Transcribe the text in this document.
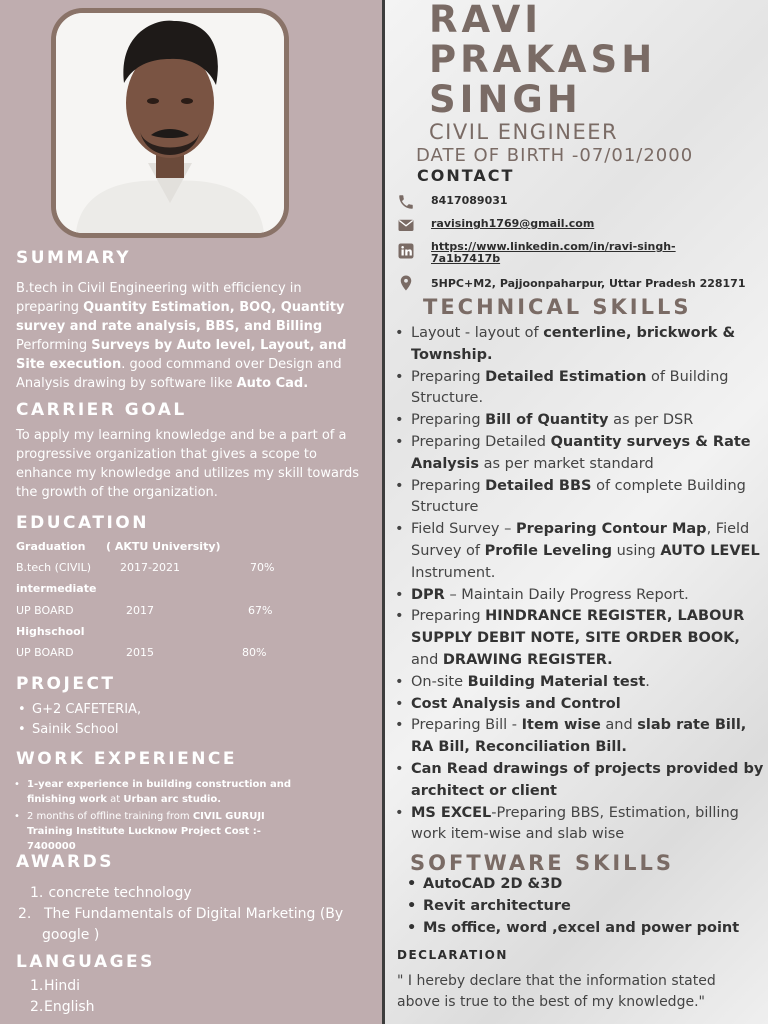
SUMMARY

B.tech in Civil Engineering with efficiency in preparing Quantity Estimation, BOQ, Quantity survey and rate analysis, BBS, and Billing Performing Surveys by Auto level, Layout, and Site execution. good command over Design and Analysis drawing by software like Auto Cad.

CARRIER GOAL

To apply my learning knowledge and be a part of a progressive organization that gives a scope to enhance my knowledge and utilizes my skill towards the growth of the organization.

EDUCATION
Graduation ( AKTU University)
B.tech (CIVIL)	2017-2021	70%
intermediate
UP BOARD	2017	67%
Highschool
UP BOARD	2015	80%
PROJECT
• G+2 CAFETERIA,
• Sainik School
WORK EXPERIENCE
• 1-year experience in building construction and finishing work at Urban arc studio.
• 2 months of offline training from CIVIL GURUJI Training Institute Lucknow Project Cost :- 7400000
AWARDS
1. concrete technology
2. The Fundamentals of Digital Marketing (By google )
LANGUAGES
1.Hindi
2.English
RAVI
PRAKASH
SINGH
CIVIL ENGINEER
DATE OF BIRTH -07/01/2000
CONTACT
8417089031
ravisingh1769@gmail.com
https://www.linkedin.com/in/ravi-singh-
7a1b7417b
5HPC+M2, Pajjoonpaharpur, Uttar Pradesh 228171
TECHNICAL SKILLS
• Layout - layout of centerline, brickwork & Township.
• Preparing Detailed Estimation of Building Structure.
• Preparing Bill of Quantity as per DSR
• Preparing Detailed Quantity surveys & Rate Analysis as per market standard
• Preparing Detailed BBS of complete Building Structure
• Field Survey – Preparing Contour Map, Field Survey of Profile Leveling using AUTO LEVEL Instrument.
• DPR – Maintain Daily Progress Report.
• Preparing HINDRANCE REGISTER, LABOUR SUPPLY DEBIT NOTE, SITE ORDER BOOK, and DRAWING REGISTER.
• On-site Building Material test.
• Cost Analysis and Control
• Preparing Bill - Item wise and slab rate Bill, RA Bill, Reconciliation Bill.
• Can Read drawings of projects provided by architect or client
• MS EXCEL-Preparing BBS, Estimation, billing work item-wise and slab wise
SOFTWARE SKILLS
• AutoCAD 2D &3D
• Revit architecture
• Ms office, word ,excel and power point
DECLARATION

" I hereby declare that the information stated above is true to the best of my knowledge."
